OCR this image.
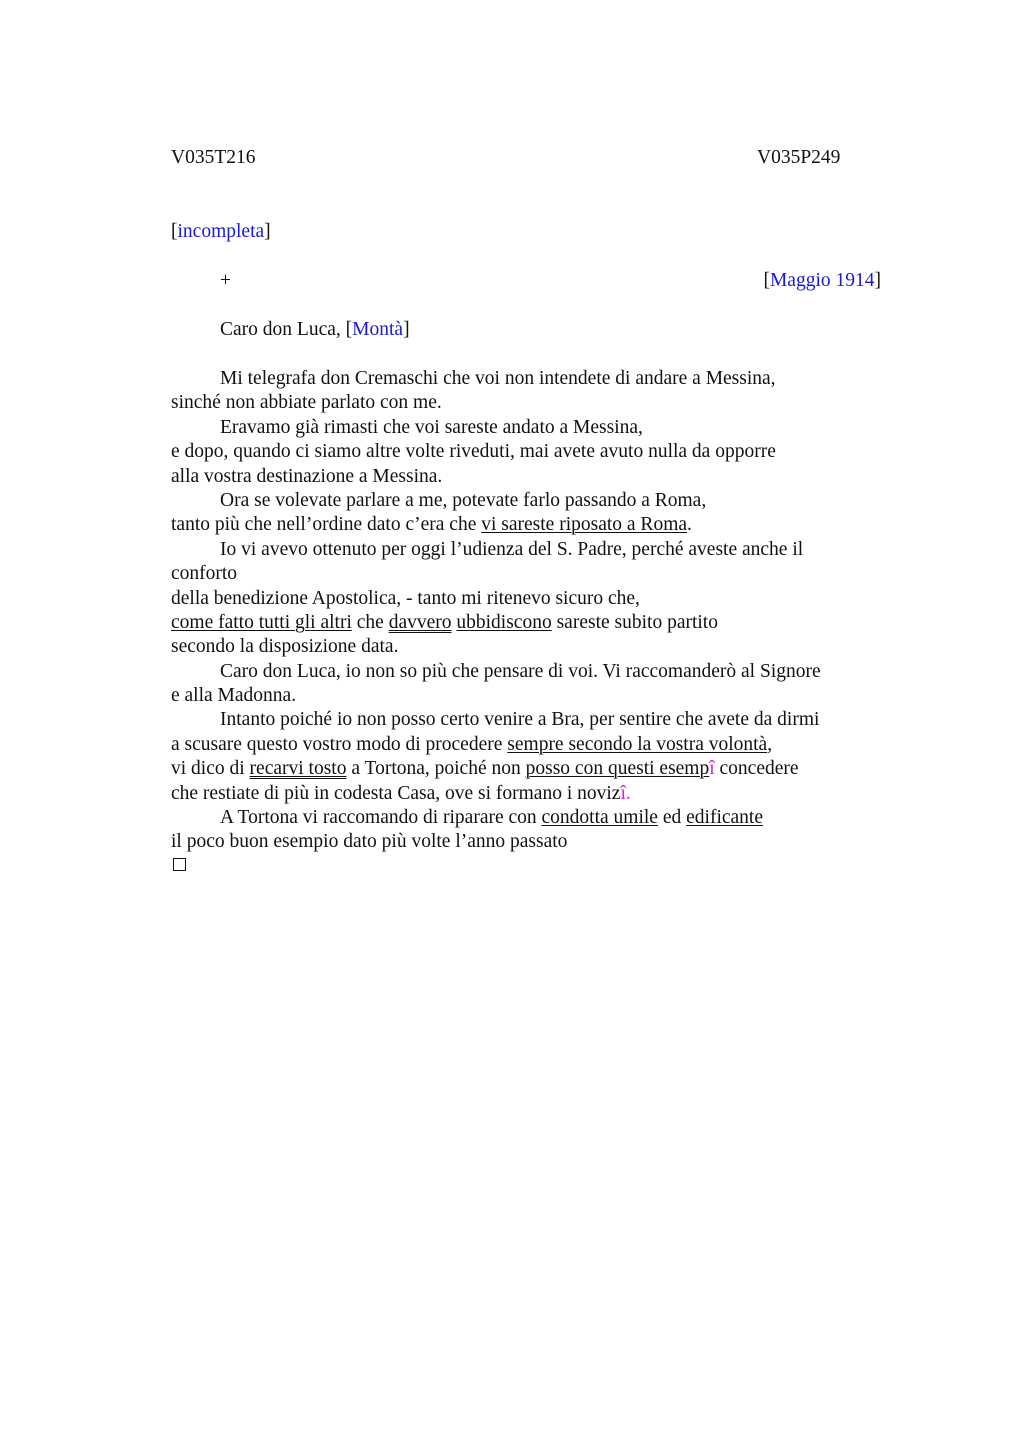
V035T216	V035P249
[incompleta]
+	[Maggio 1914]
Caro don Luca, [Montà]
Mi telegrafa don Cremaschi che voi non intendete di andare a Messina,
sinché non abbiate parlato con me.
Eravamo già rimasti che voi sareste andato a Messina,
e dopo, quando ci siamo altre volte riveduti, mai avete avuto nulla da opporre
alla vostra destinazione a Messina.
Ora se volevate parlare a me, potevate farlo passando a Roma,
tanto più che nell’ordine dato c’era che vi sareste riposato a Roma.
Io vi avevo ottenuto per oggi l’udienza del S. Padre, perché aveste anche il
conforto
della benedizione Apostolica, - tanto mi ritenevo sicuro che,
come fatto tutti gli altri che davvero ubbidiscono sareste subito partito
secondo la disposizione data.
Caro don Luca, io non so più che pensare di voi. Vi raccomanderò al Signore
e alla Madonna.
Intanto poiché io non posso certo venire a Bra, per sentire che avete da dirmi
a scusare questo vostro modo di procedere sempre secondo la vostra volontà,
vi dico di recarvi tosto a Tortona, poiché non posso con questi esempî concedere
che restiate di più in codesta Casa, ove si formano i novizî.
A Tortona vi raccomando di riparare con condotta umile ed edificante
il poco buon esempio dato più volte l’anno passato
